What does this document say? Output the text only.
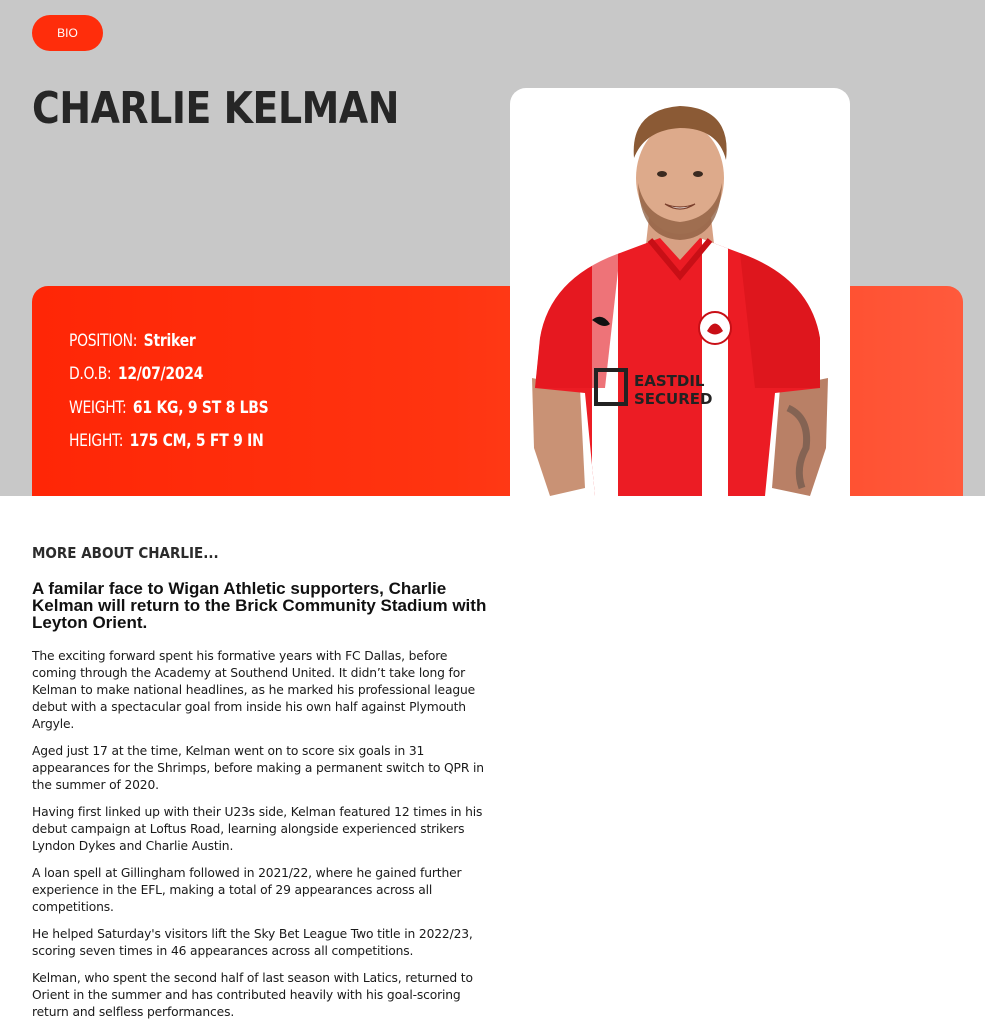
BIO
CHARLIE KELMAN
POSITION: Striker
D.O.B: 12/07/2024
WEIGHT: 61 KG, 9 ST 8 LBS
HEIGHT: 175 CM, 5 FT 9 IN
EASTDIL
SECURED
MORE ABOUT CHARLIE...
A familar face to Wigan Athletic supporters, Charlie Kelman will return to the Brick Community Stadium with Leyton Orient.

The exciting forward spent his formative years with FC Dallas, before coming through the Academy at Southend United. It didn’t take long for Kelman to make national headlines, as he marked his professional league debut with a spectacular goal from inside his own half against Plymouth Argyle.

Aged just 17 at the time, Kelman went on to score six goals in 31 appearances for the Shrimps, before making a permanent switch to QPR in the summer of 2020.

Having first linked up with their U23s side, Kelman featured 12 times in his debut campaign at Loftus Road, learning alongside experienced strikers Lyndon Dykes and Charlie Austin.

A loan spell at Gillingham followed in 2021/22, where he gained further experience in the EFL, making a total of 29 appearances across all competitions.

He helped Saturday's visitors lift the Sky Bet League Two title in 2022/23, scoring seven times in 46 appearances across all competitions.

Kelman, who spent the second half of last season with Latics, returned to Orient in the summer and has contributed heavily with his goal-scoring return and selfless performances.
